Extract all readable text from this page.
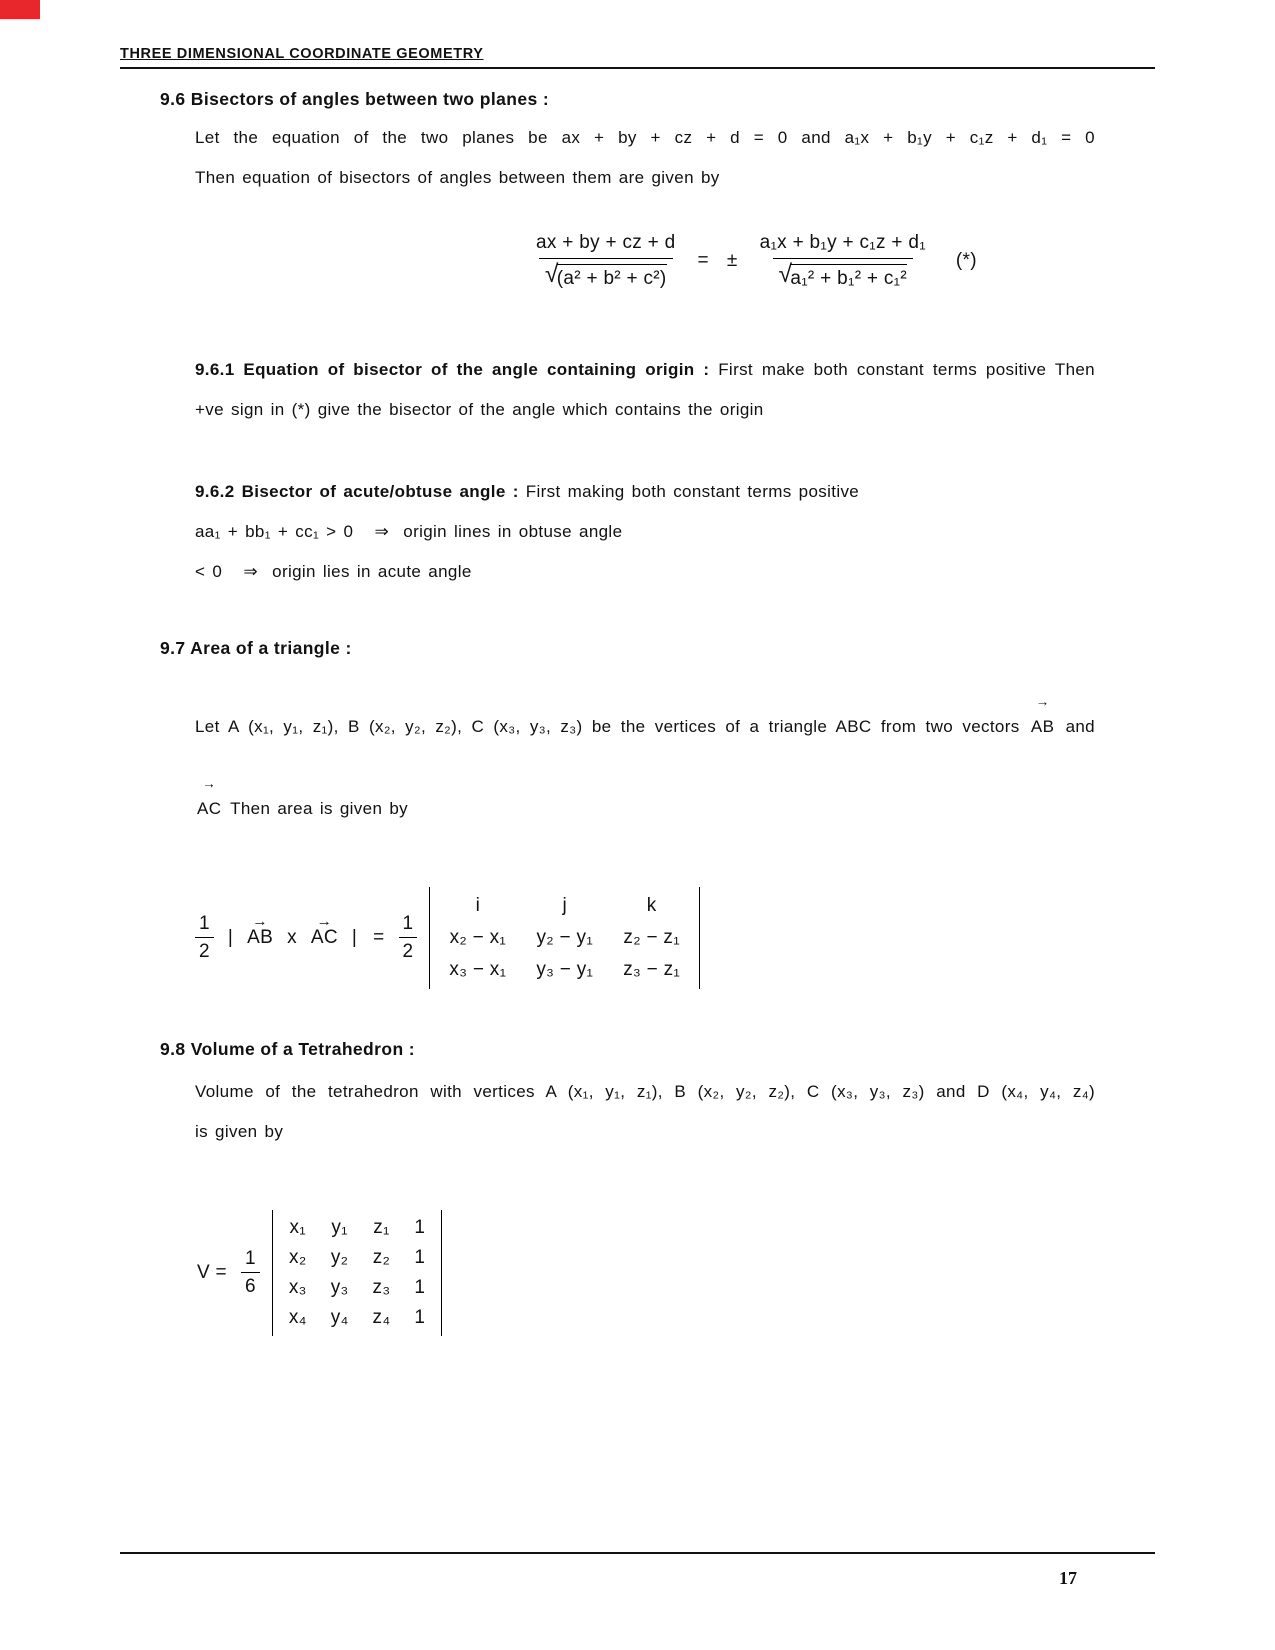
THREE DIMENSIONAL COORDINATE GEOMETRY
9.6 Bisectors of angles between two planes :

Let the equation of the two planes be ax + by + cz + d = 0 and a₁x + b₁y + c₁z + d₁ = 0

Then equation of bisectors of angles between them are given by

ax + by + cz + d
√
(a² + b² + c²) = ± a₁x + b₁y + c₁z + d₁
√
a₁² + b₁² + c₁² (*)

9.6.1 Equation of bisector of the angle containing origin : First make both constant terms positive Then +ve sign in (*) give the bisector of the angle which contains the origin

9.6.2 Bisector of acute/obtuse angle : First making both constant terms positive

aa₁ + bb₁ + cc₁ > 0 ⇒ origin lines in obtuse angle

< 0 ⇒ origin lies in acute angle

9.7 Area of a triangle :

Let A (x₁, y₁, z₁), B (x₂, y₂, z₂), C (x₃, y₃, z₃) be the vertices of a triangle ABC from two vectors
→
AB and

→
AC Then area is given by

$\frac{1}{2}$ |
→
AB x
→
AC | = $\frac{1}{2}$
i	j	k
x₂ − x₁	y₂ − y₁	z₂ − z₁
x₃ − x₁	y₃ − y₁	z₃ − z₁
9.8 Volume of a Tetrahedron :

Volume of the tetrahedron with vertices A (x₁, y₁, z₁), B (x₂, y₂, z₂), C (x₃, y₃, z₃) and D (x₄, y₄, z₄)

is given by

$V = \frac{1}{6}$
x₁	y₁	z₁	1
x₂	y₂	z₂	1
x₃	y₃	z₃	1
x₄	y₄	z₄	1
17
